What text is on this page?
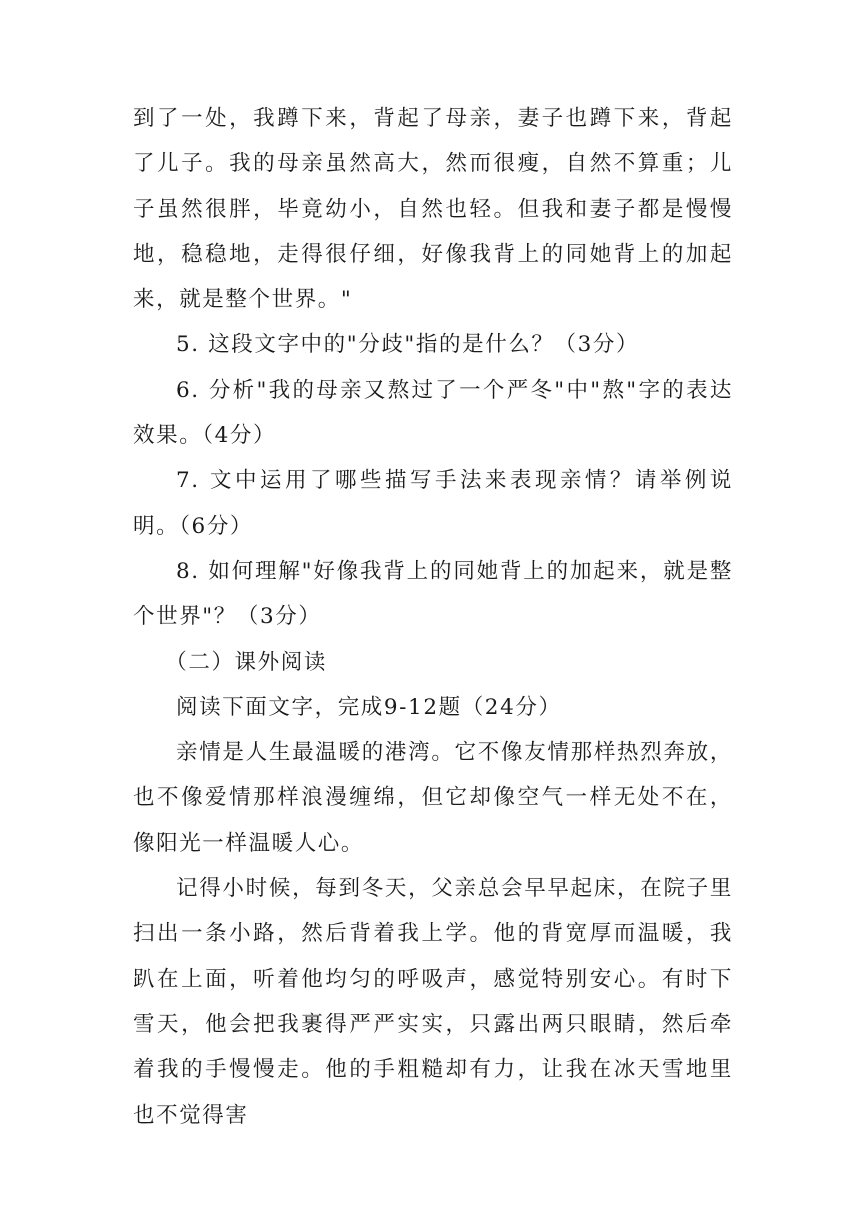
到了一处，我蹲下来，背起了母亲，妻子也蹲下来，背起了儿子。我的母亲虽然高大，然而很瘦，自然不算重；儿子虽然很胖，毕竟幼小，自然也轻。但我和妻子都是慢慢地，稳稳地，走得很仔细，好像我背上的同她背上的加起来，就是整个世界。"

5. 这段文字中的"分歧"指的是什么？（3分）

6. 分析"我的母亲又熬过了一个严冬"中"熬"字的表达效果。（4分）

7. 文中运用了哪些描写手法来表现亲情？请举例说明。（6分）

8. 如何理解"好像我背上的同她背上的加起来，就是整个世界"？（3分）

（二）课外阅读

阅读下面文字，完成9-12题（24分）

亲情是人生最温暖的港湾。它不像友情那样热烈奔放，也不像爱情那样浪漫缠绵，但它却像空气一样无处不在，像阳光一样温暖人心。

记得小时候，每到冬天，父亲总会早早起床，在院子里扫出一条小路，然后背着我上学。他的背宽厚而温暖，我趴在上面，听着他均匀的呼吸声，感觉特别安心。有时下雪天，他会把我裹得严严实实，只露出两只眼睛，然后牵着我的手慢慢走。他的手粗糙却有力，让我在冰天雪地里也不觉得害
